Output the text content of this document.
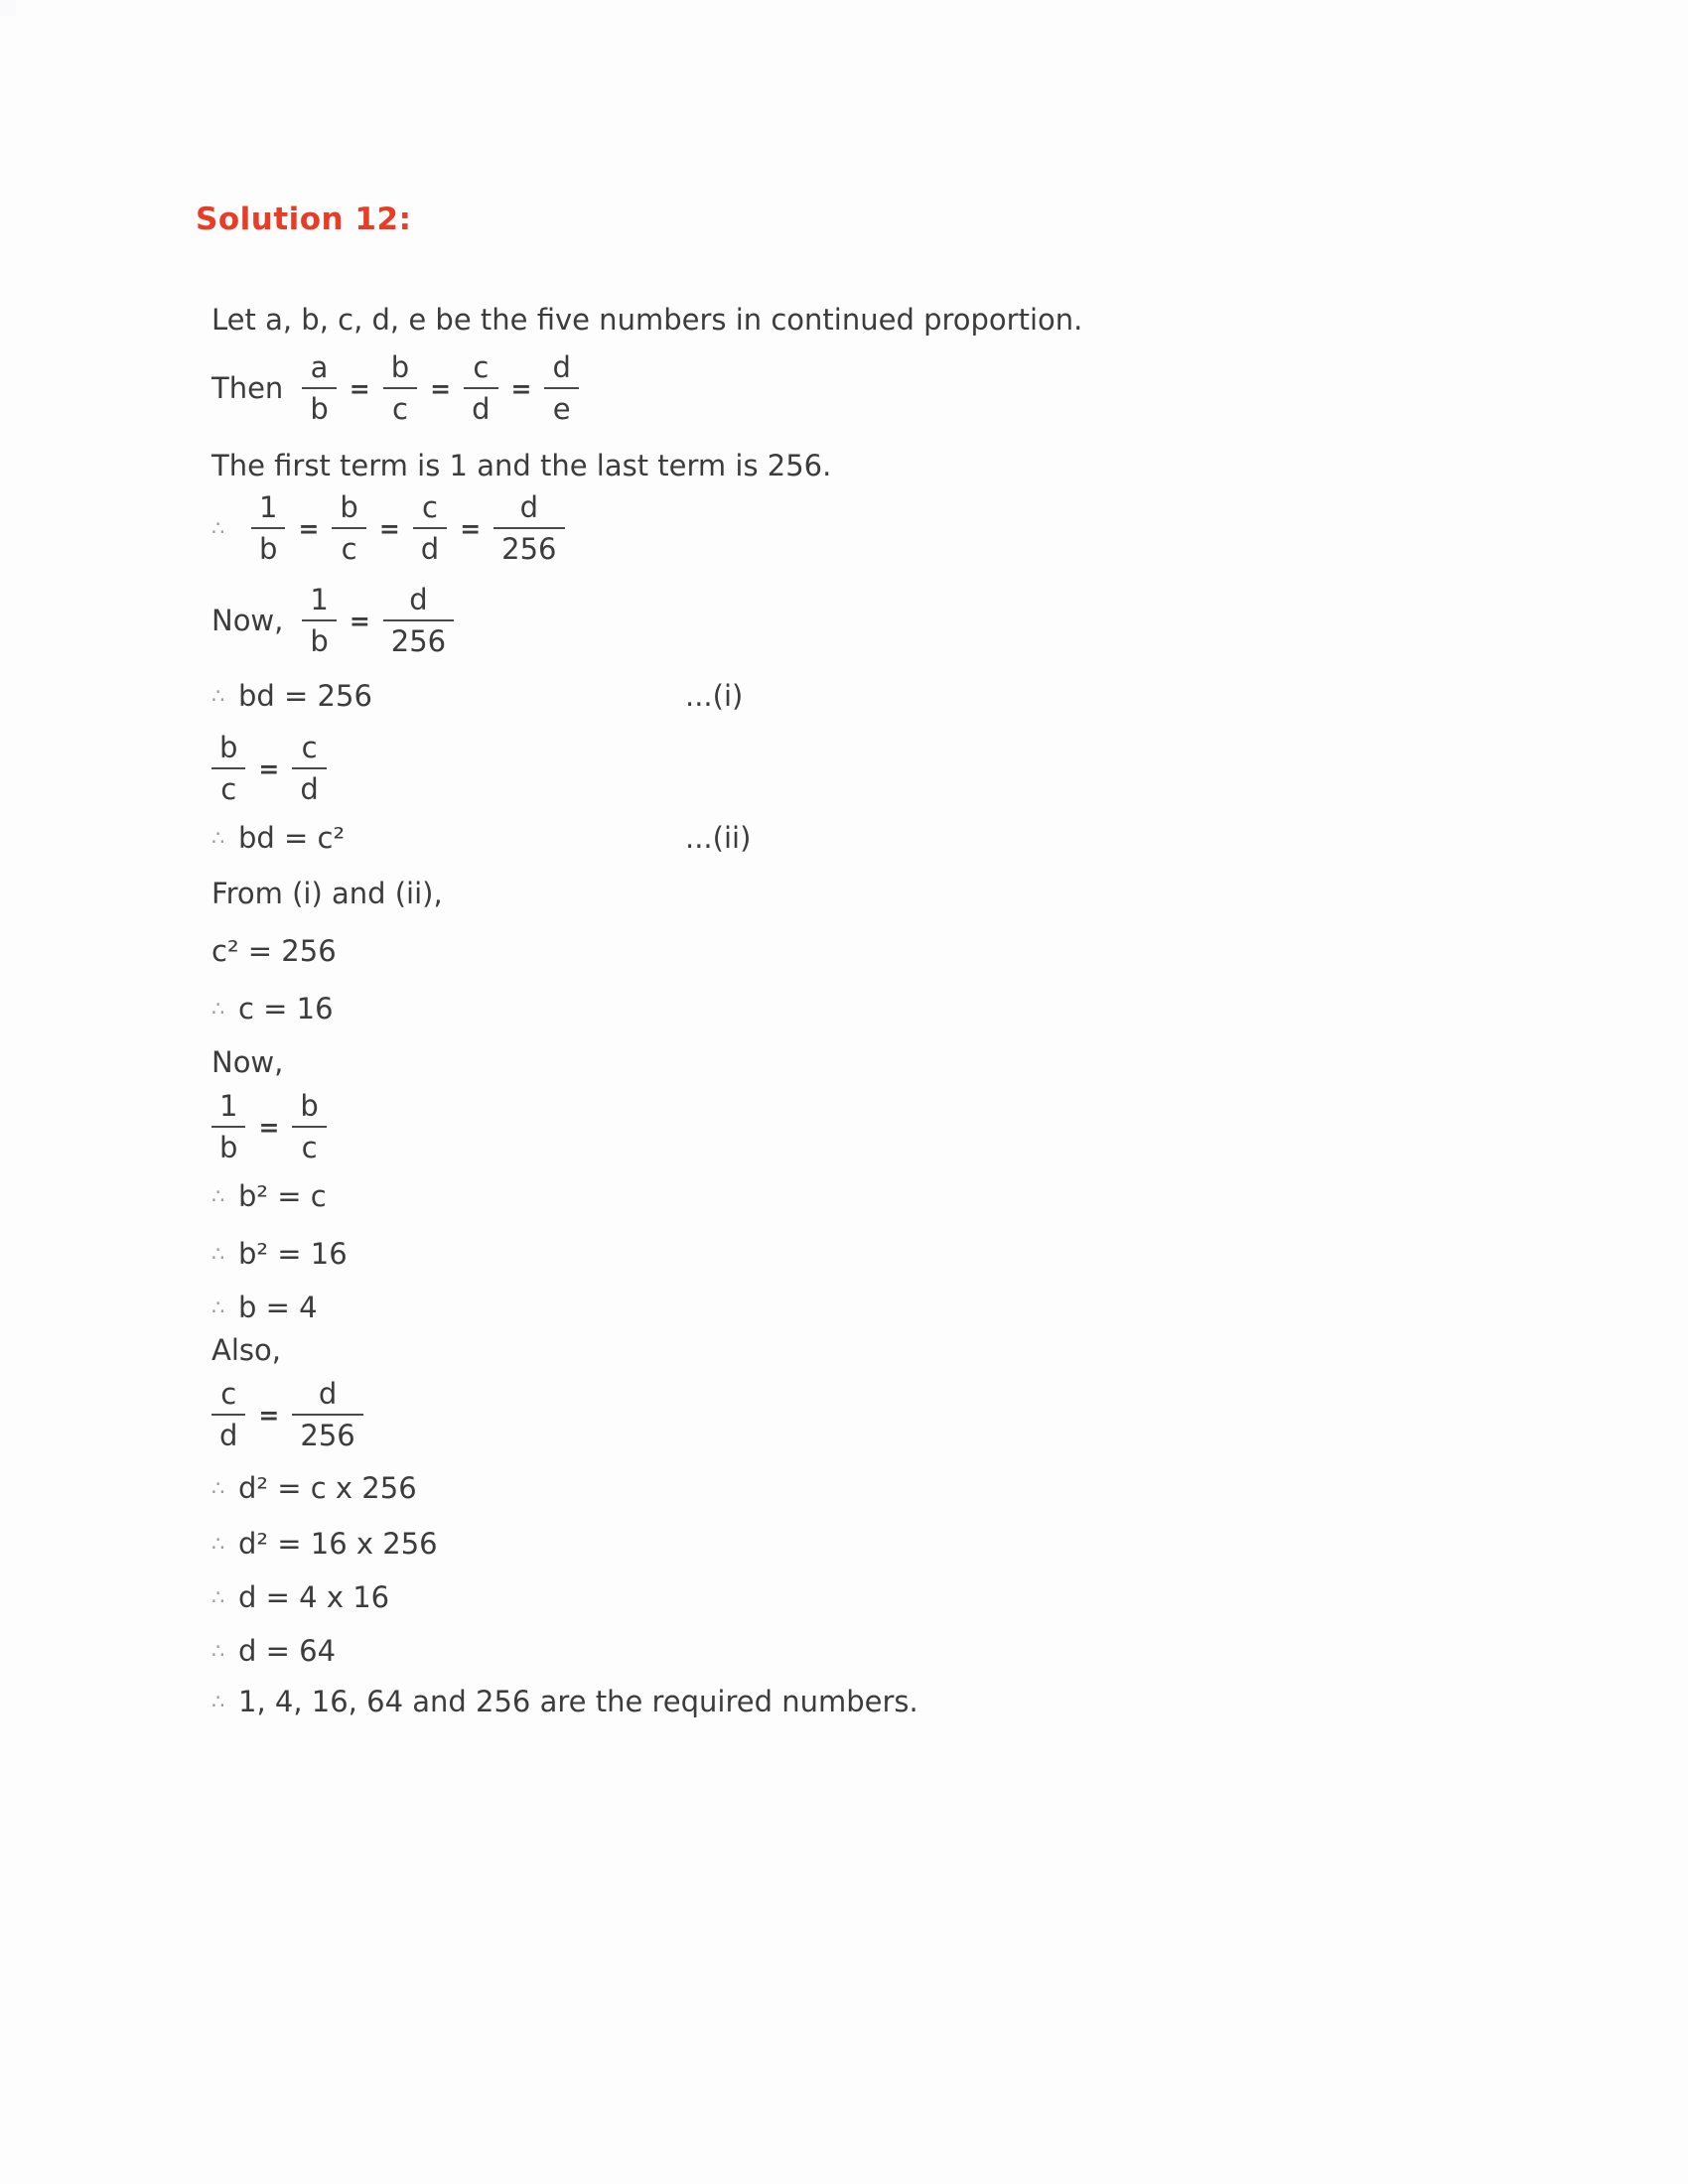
Solution 12:

Let a, b, c, d, e be the five numbers in continued proportion.

Then $\frac{a}{b} = \frac{b}{c} = \frac{c}{d} = \frac{d}{e}$

The first term is 1 and the last term is 256.

∴ $\frac{1}{b} = \frac{b}{c} = \frac{c}{d} = \frac{d}{256}$
Now, $\frac{1}{b} = \frac{d}{256}$
∴ bd = 256	...(i)
$\frac{b}{c} = \frac{c}{d}$
∴ bd = c²	...(ii)
From (i) and (ii),
c² = 256
∴ c = 16
Now,
$\frac{1}{b} = \frac{b}{c}$
∴ b² = c
∴ b² = 16
∴ b = 4
Also,
$\frac{c}{d} = \frac{d}{256}$
∴ d² = c x 256
∴ d² = 16 x 256
∴ d = 4 x 16
∴ d = 64
∴ 1, 4, 16, 64 and 256 are the required numbers.
